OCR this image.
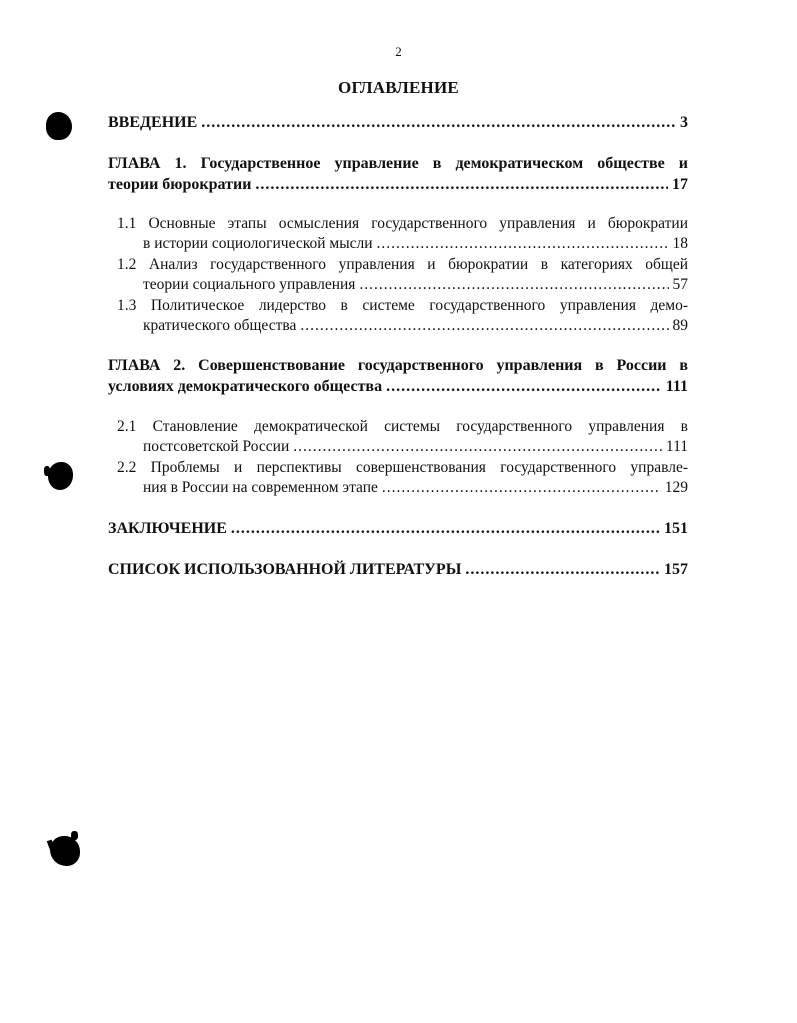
2
ОГЛАВЛЕНИЕ
ВВЕДЕНИЕ .....	3
ГЛАВА 1. Государственное управление в демократическом обществе и
теории бюрократии .....	17
1.1 Основные этапы осмысления государственного управления и бюрократии
в истории социологической мысли .....	18
1.2 Анализ государственного управления и бюрократии в категориях общей
теории социального управления .....	57
1.3 Политическое лидерство в системе государственного управления демо-
кратического общества .....	89
ГЛАВА 2. Совершенствование государственного управления в России в
условиях демократического общества .....	111
2.1 Становление демократической системы государственного управления в
постсоветской России .....	111
2.2 Проблемы и перспективы совершенствования государственного управле-
ния в России на современном этапе .....	129
ЗАКЛЮЧЕНИЕ .....	151
СПИСОК ИСПОЛЬЗОВАННОЙ ЛИТЕРАТУРЫ .....	157
